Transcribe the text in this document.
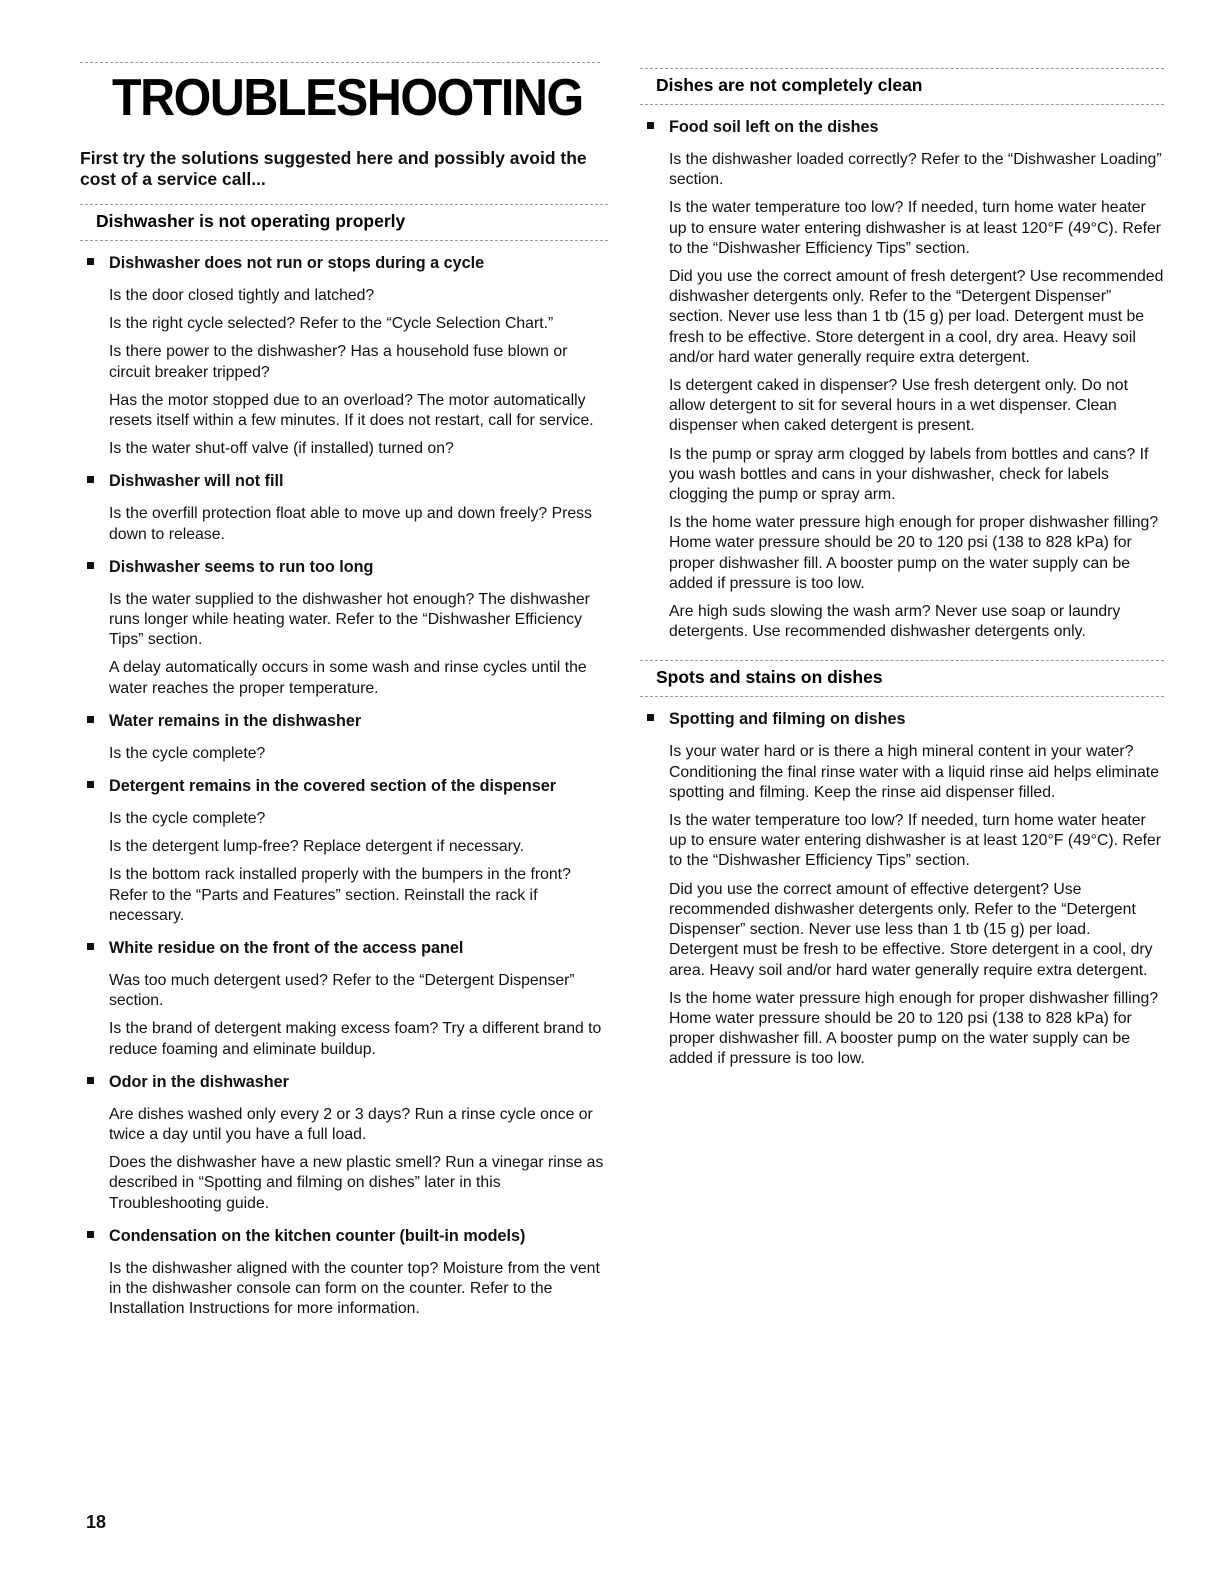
TROUBLESHOOTING

First try the solutions suggested here and possibly avoid the cost of a service call...

Dishwasher is not operating properly
Dishwasher does not run or stops during a cycle

Is the door closed tightly and latched?

Is the right cycle selected? Refer to the “Cycle Selection Chart.”

Is there power to the dishwasher? Has a household fuse blown or circuit breaker tripped?

Has the motor stopped due to an overload? The motor automatically resets itself within a few minutes. If it does not restart, call for service.

Is the water shut-off valve (if installed) turned on?

Dishwasher will not fill

Is the overfill protection float able to move up and down freely? Press down to release.

Dishwasher seems to run too long

Is the water supplied to the dishwasher hot enough? The dishwasher runs longer while heating water. Refer to the “Dishwasher Efficiency Tips” section.

A delay automatically occurs in some wash and rinse cycles until the water reaches the proper temperature.

Water remains in the dishwasher

Is the cycle complete?

Detergent remains in the covered section of the dispenser

Is the cycle complete?

Is the detergent lump-free? Replace detergent if necessary.

Is the bottom rack installed properly with the bumpers in the front? Refer to the “Parts and Features” section. Reinstall the rack if necessary.

White residue on the front of the access panel

Was too much detergent used? Refer to the “Detergent Dispenser” section.

Is the brand of detergent making excess foam? Try a different brand to reduce foaming and eliminate buildup.

Odor in the dishwasher

Are dishes washed only every 2 or 3 days? Run a rinse cycle once or twice a day until you have a full load.

Does the dishwasher have a new plastic smell? Run a vinegar rinse as described in “Spotting and filming on dishes” later in this Troubleshooting guide.

Condensation on the kitchen counter (built-in models)

Is the dishwasher aligned with the counter top? Moisture from the vent in the dishwasher console can form on the counter. Refer to the Installation Instructions for more information.

Dishes are not completely clean
Food soil left on the dishes

Is the dishwasher loaded correctly? Refer to the “Dishwasher Loading” section.

Is the water temperature too low? If needed, turn home water heater up to ensure water entering dishwasher is at least 120°F (49°C). Refer to the “Dishwasher Efficiency Tips” section.

Did you use the correct amount of fresh detergent? Use recommended dishwasher detergents only. Refer to the “Detergent Dispenser” section. Never use less than 1 tb (15 g) per load. Detergent must be fresh to be effective. Store detergent in a cool, dry area. Heavy soil and/or hard water generally require extra detergent.

Is detergent caked in dispenser? Use fresh detergent only. Do not allow detergent to sit for several hours in a wet dispenser. Clean dispenser when caked detergent is present.

Is the pump or spray arm clogged by labels from bottles and cans? If you wash bottles and cans in your dishwasher, check for labels clogging the pump or spray arm.

Is the home water pressure high enough for proper dishwasher filling? Home water pressure should be 20 to 120 psi (138 to 828 kPa) for proper dishwasher fill. A booster pump on the water supply can be added if pressure is too low.

Are high suds slowing the wash arm? Never use soap or laundry detergents. Use recommended dishwasher detergents only.

Spots and stains on dishes
Spotting and filming on dishes

Is your water hard or is there a high mineral content in your water? Conditioning the final rinse water with a liquid rinse aid helps eliminate spotting and filming. Keep the rinse aid dispenser filled.

Is the water temperature too low? If needed, turn home water heater up to ensure water entering dishwasher is at least 120°F (49°C). Refer to the “Dishwasher Efficiency Tips” section.

Did you use the correct amount of effective detergent? Use recommended dishwasher detergents only. Refer to the “Detergent Dispenser” section. Never use less than 1 tb (15 g) per load. Detergent must be fresh to be effective. Store detergent in a cool, dry area. Heavy soil and/or hard water generally require extra detergent.

Is the home water pressure high enough for proper dishwasher filling? Home water pressure should be 20 to 120 psi (138 to 828 kPa) for proper dishwasher fill. A booster pump on the water supply can be added if pressure is too low.

18
